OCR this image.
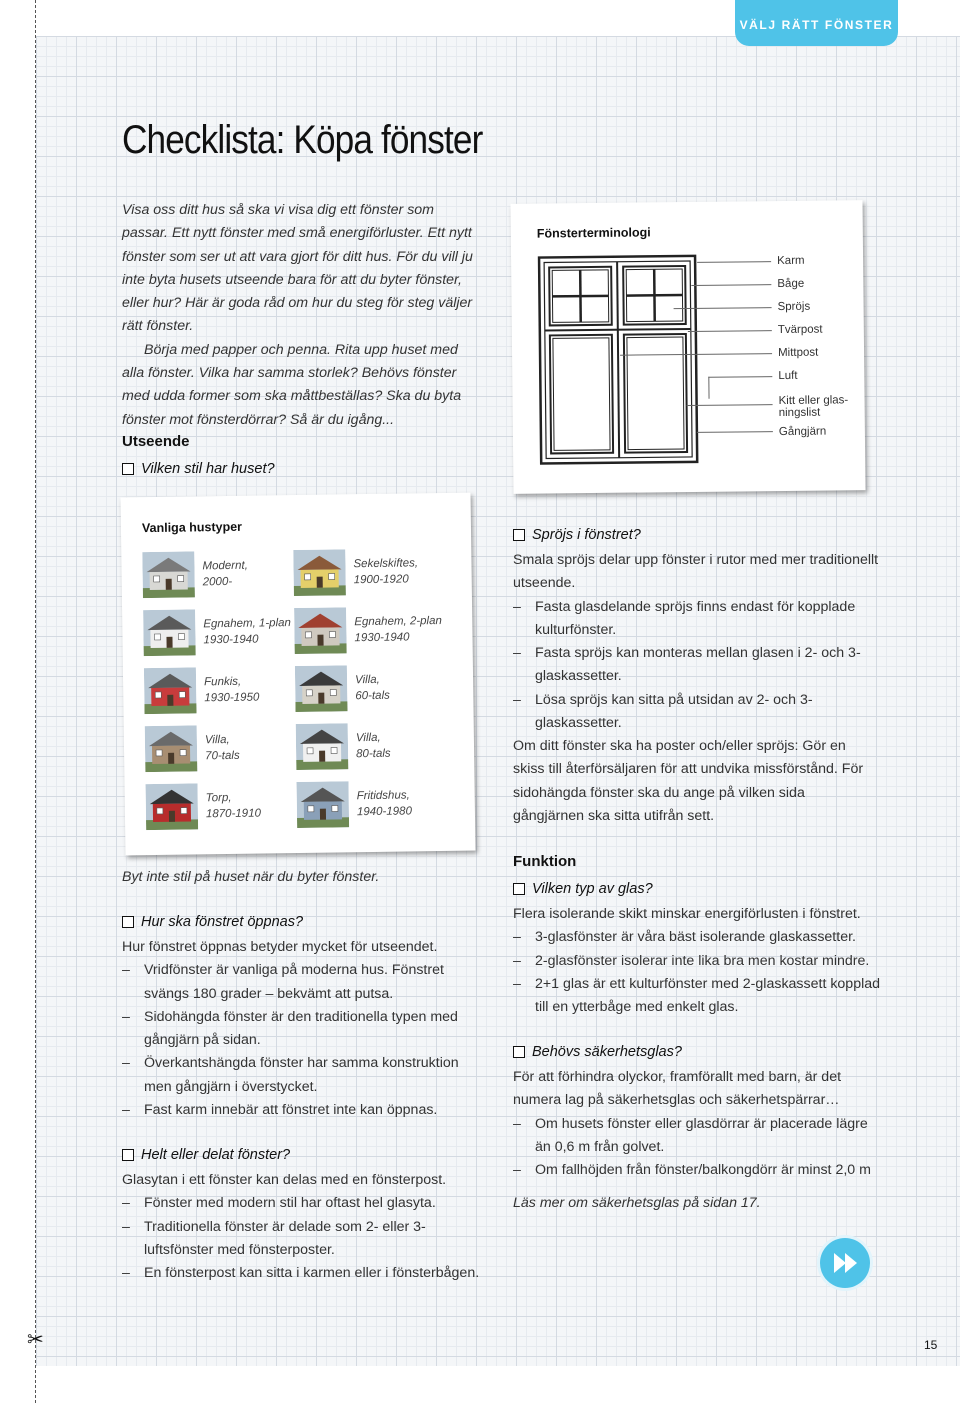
✂
VÄLJ RÄTT FÖNSTER
Checklista: Köpa fönster
Visa oss ditt hus så ska vi visa dig ett fönster som passar. Ett nytt fönster med små energiförluster. Ett nytt fönster som ser ut att vara gjort för ditt hus. För du vill ju inte byta husets utseende bara för att du byter fönster, eller hur? Här är goda råd om hur du steg för steg väljer rätt fönster.
Börja med papper och penna. Rita upp huset med alla fönster. Vilka har samma storlek? Behövs fönster med udda former som ska måttbeställas? Ska du byta fönster mot fönsterdörrar? Så är du igång...
Utseende
Vilken stil har huset?
Fönsterterminologi
Karm
Båge
Spröjs
Tvärpost
Mittpost
Luft
Kitt eller glas-
ningslist
Gångjärn
Vanliga hustyper
Modernt,
2000-
Sekelskiftes,
1900-1920
Egnahem, 1-plan
1930-1940
Egnahem, 2-plan
1930-1940
Funkis,
1930-1950
Villa,
60-tals
Villa,
70-tals
Villa,
80-tals
Torp,
1870-1910
Fritidshus,
1940-1980
Byt inte stil på huset när du byter fönster.
Hur ska fönstret öppnas?
Hur fönstret öppnas betyder mycket för utseendet.
– Vridfönster är vanliga på moderna hus. Fönstret svängs 180 grader – bekvämt att putsa.
– Sidohängda fönster är den traditionella typen med gångjärn på sidan.
– Överkantshängda fönster har samma konstruktion men gångjärn i överstycket.
– Fast karm innebär att fönstret inte kan öppnas.
Helt eller delat fönster?
Glasytan i ett fönster kan delas med en fönsterpost.
– Fönster med modern stil har oftast hel glasyta.
– Traditionella fönster är delade som 2- eller 3-luftsfönster med fönsterposter.
– En fönsterpost kan sitta i karmen eller i fönsterbågen.
Spröjs i fönstret?
Smala spröjs delar upp fönster i rutor med mer traditionellt utseende.
– Fasta glasdelande spröjs finns endast för kopplade kulturfönster.
– Fasta spröjs kan monteras mellan glasen i 2- och 3-glaskassetter.
– Lösa spröjs kan sitta på utsidan av 2- och 3-glaskassetter.
Om ditt fönster ska ha poster och/eller spröjs: Gör en skiss till återförsäljaren för att undvika missförstånd. För sidohängda fönster ska du ange på vilken sida gångjärnen ska sitta utifrån sett.
Funktion
Vilken typ av glas?
Flera isolerande skikt minskar energiförlusten i fönstret.
– 3-glasfönster är våra bäst isolerande glaskassetter.
– 2-glasfönster isolerar inte lika bra men kostar mindre.
– 2+1 glas är ett kulturfönster med 2-glaskassett kopplad till en ytterbåge med enkelt glas.
Behövs säkerhetsglas?
För att förhindra olyckor, framförallt med barn, är det numera lag på säkerhetsglas och säkerhetspärrar…
– Om husets fönster eller glasdörrar är placerade lägre än 0,6 m från golvet.
– Om fallhöjden från fönster/balkongdörr är minst 2,0 m
Läs mer om säkerhetsglas på sidan 17.
15
